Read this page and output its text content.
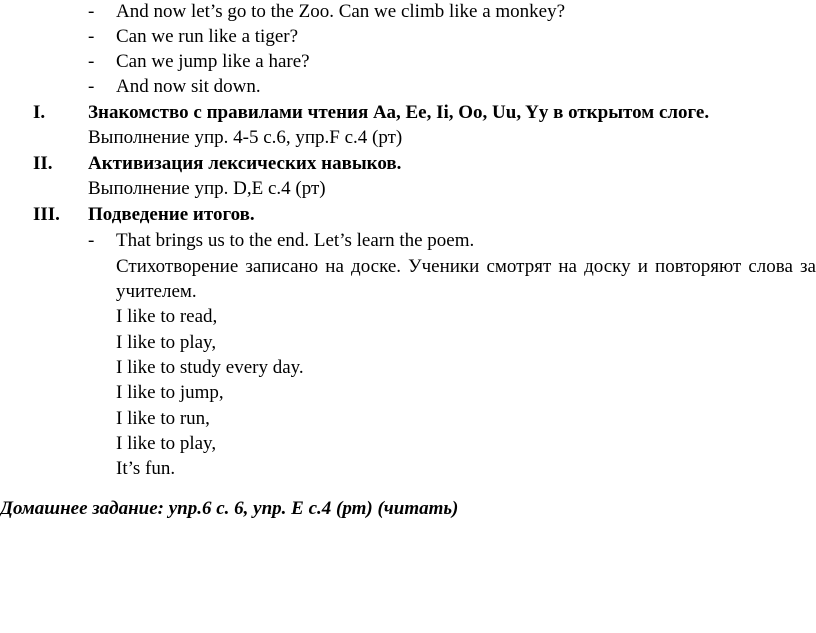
- And now let’s go to the Zoo. Can we climb like a monkey?
- Can we run like a tiger?
- Can we jump like a hare?
- And now sit down.
I. Знакомство с правилами чтения Аа, Ee, Ii, Oo, Uu, Yy в открытом слоге.
Выполнение упр. 4-5 с.6, упр.F с.4 (рт)
II. Активизация лексических навыков.
Выполнение упр. D,E с.4 (рт)
III. Подведение итогов.
- That brings us to the end. Let’s learn the poem.
Стихотворение записано на доске. Ученики смотрят на доску и повторяют слова за
учителем.
I like to read,
I like to play,
I like to study every day.
I like to jump,
I like to run,
I like to play,
It’s fun.
Домашнее задание: упр.6 с. 6, упр. Е с.4 (рт) (читать)
